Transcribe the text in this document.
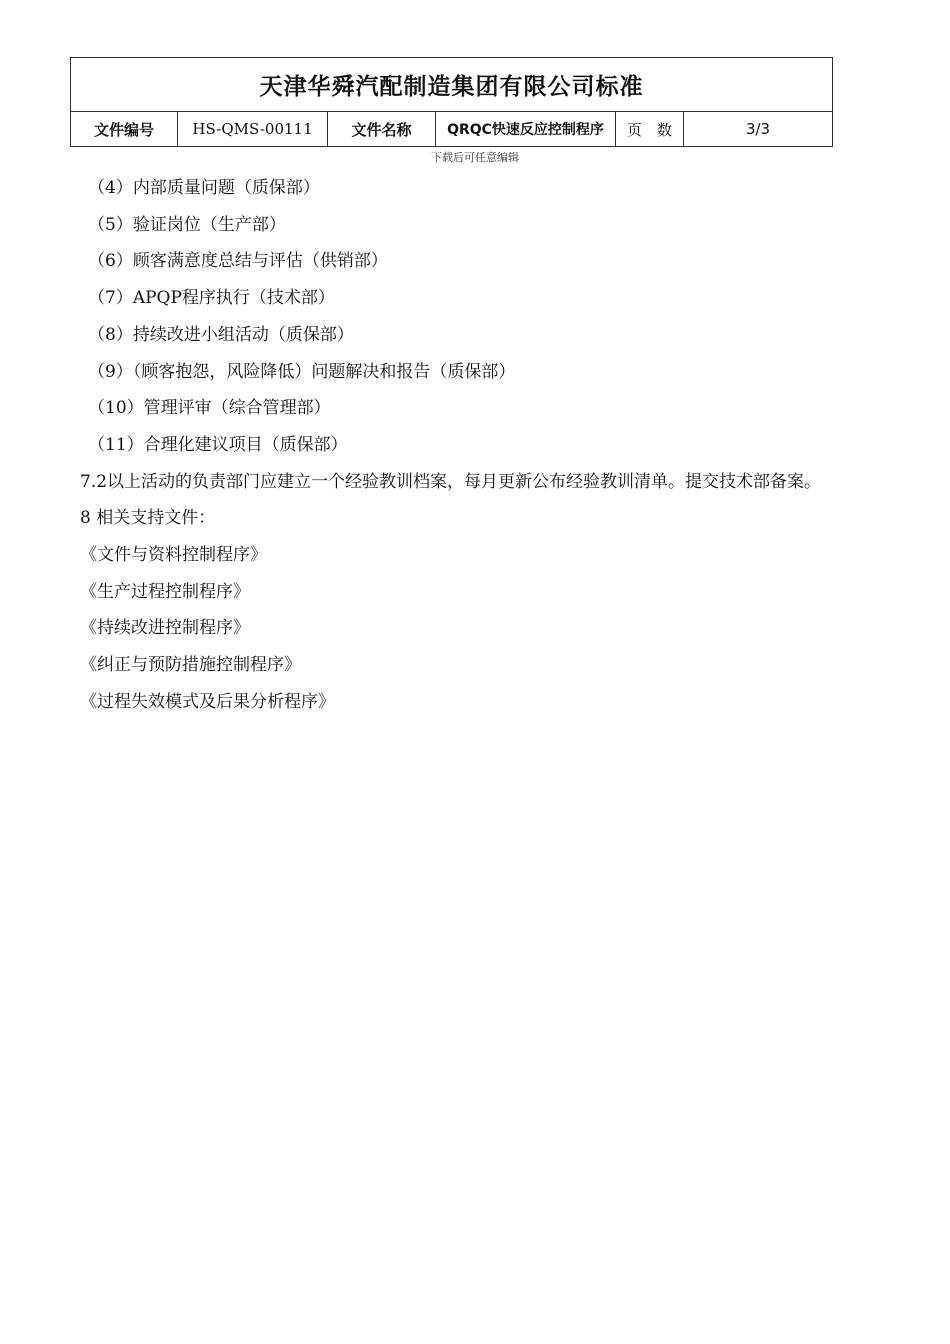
天津华舜汽配制造集团有限公司标准
文件编号	HS-QMS-00111	文件名称	QRQC快速反应控制程序	页　数	3/3
下载后可任意编辑
（4）内部质量问题（质保部）
（5）验证岗位（生产部）
（6）顾客满意度总结与评估（供销部）
（7）APQP程序执行（技术部）
（8）持续改进小组活动（质保部）
（9）（顾客抱怨，风险降低）问题解决和报告（质保部）
（10）管理评审（综合管理部）
（11）合理化建议项目（质保部）
7.2以上活动的负责部门应建立一个经验教训档案，每月更新公布经验教训清单。提交技术部备案。
8 相关支持文件：
《文件与资料控制程序》
《生产过程控制程序》
《持续改进控制程序》
《纠正与预防措施控制程序》
《过程失效模式及后果分析程序》
